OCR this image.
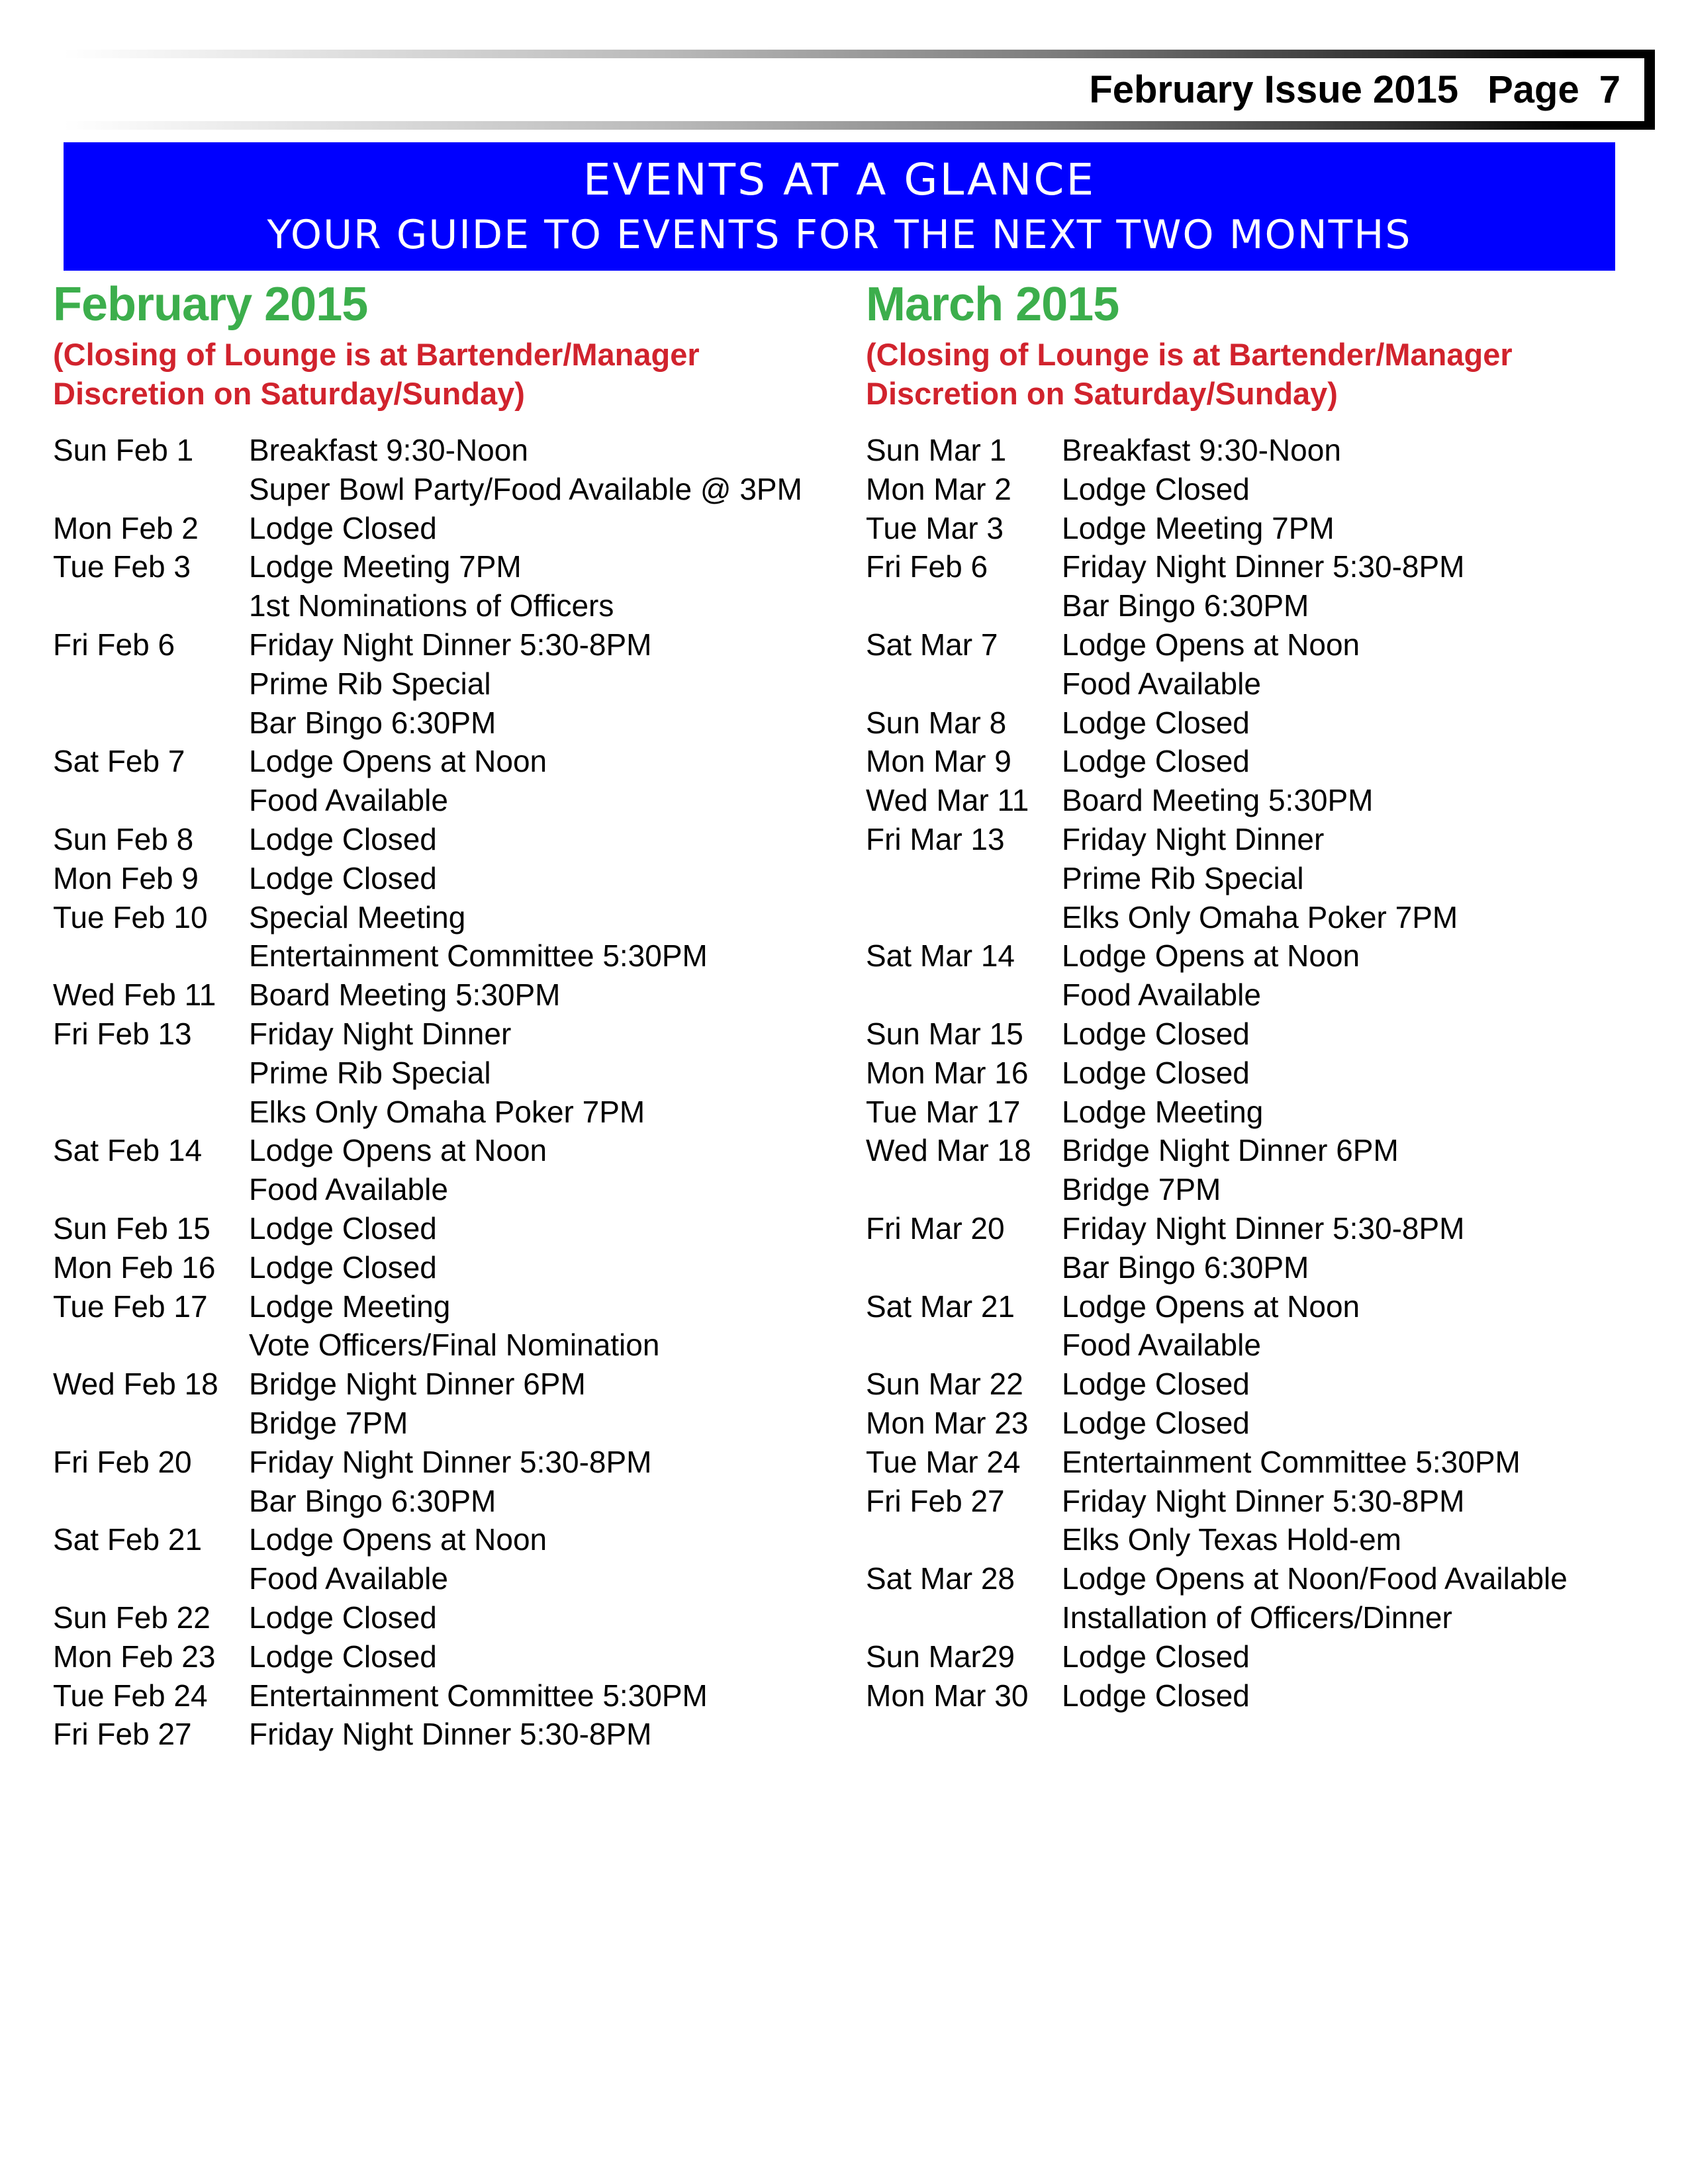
February Issue 2015 Page 7
EVENTS AT A GLANCE
YOUR GUIDE TO EVENTS FOR THE NEXT TWO MONTHS
February 2015

(Closing of Lounge is at Bartender/Manager
Discretion on Saturday/Sunday)

Sun Feb 1	Breakfast 9:30-Noon
Super Bowl Party/Food Available @ 3PM
Mon Feb 2	Lodge Closed
Tue Feb 3	Lodge Meeting 7PM
1st Nominations of Officers
Fri Feb 6	Friday Night Dinner 5:30-8PM
Prime Rib Special
Bar Bingo 6:30PM
Sat Feb 7	Lodge Opens at Noon
Food Available
Sun Feb 8	Lodge Closed
Mon Feb 9	Lodge Closed
Tue Feb 10	Special Meeting
Entertainment Committee 5:30PM
Wed Feb 11	Board Meeting 5:30PM
Fri Feb 13	Friday Night Dinner
Prime Rib Special
Elks Only Omaha Poker 7PM
Sat Feb 14	Lodge Opens at Noon
Food Available
Sun Feb 15	Lodge Closed
Mon Feb 16	Lodge Closed
Tue Feb 17	Lodge Meeting
Vote Officers/Final Nomination
Wed Feb 18	Bridge Night Dinner 6PM
Bridge 7PM
Fri Feb 20	Friday Night Dinner 5:30-8PM
Bar Bingo 6:30PM
Sat Feb 21	Lodge Opens at Noon
Food Available
Sun Feb 22	Lodge Closed
Mon Feb 23	Lodge Closed
Tue Feb 24	Entertainment Committee 5:30PM
Fri Feb 27	Friday Night Dinner 5:30-8PM
March 2015

(Closing of Lounge is at Bartender/Manager
Discretion on Saturday/Sunday)

Sun Mar 1	Breakfast 9:30-Noon
Mon Mar 2	Lodge Closed
Tue Mar 3	Lodge Meeting 7PM
Fri Feb 6	Friday Night Dinner 5:30-8PM
Bar Bingo 6:30PM
Sat Mar 7	Lodge Opens at Noon
Food Available
Sun Mar 8	Lodge Closed
Mon Mar 9	Lodge Closed
Wed Mar 11	Board Meeting 5:30PM
Fri Mar 13	Friday Night Dinner
Prime Rib Special
Elks Only Omaha Poker 7PM
Sat Mar 14	Lodge Opens at Noon
Food Available
Sun Mar 15	Lodge Closed
Mon Mar 16	Lodge Closed
Tue Mar 17	Lodge Meeting
Wed Mar 18	Bridge Night Dinner 6PM
Bridge 7PM
Fri Mar 20	Friday Night Dinner 5:30-8PM
Bar Bingo 6:30PM
Sat Mar 21	Lodge Opens at Noon
Food Available
Sun Mar 22	Lodge Closed
Mon Mar 23	Lodge Closed
Tue Mar 24	Entertainment Committee 5:30PM
Fri Feb 27	Friday Night Dinner 5:30-8PM
Elks Only Texas Hold-em
Sat Mar 28	Lodge Opens at Noon/Food Available
Installation of Officers/Dinner
Sun Mar29	Lodge Closed
Mon Mar 30	Lodge Closed
